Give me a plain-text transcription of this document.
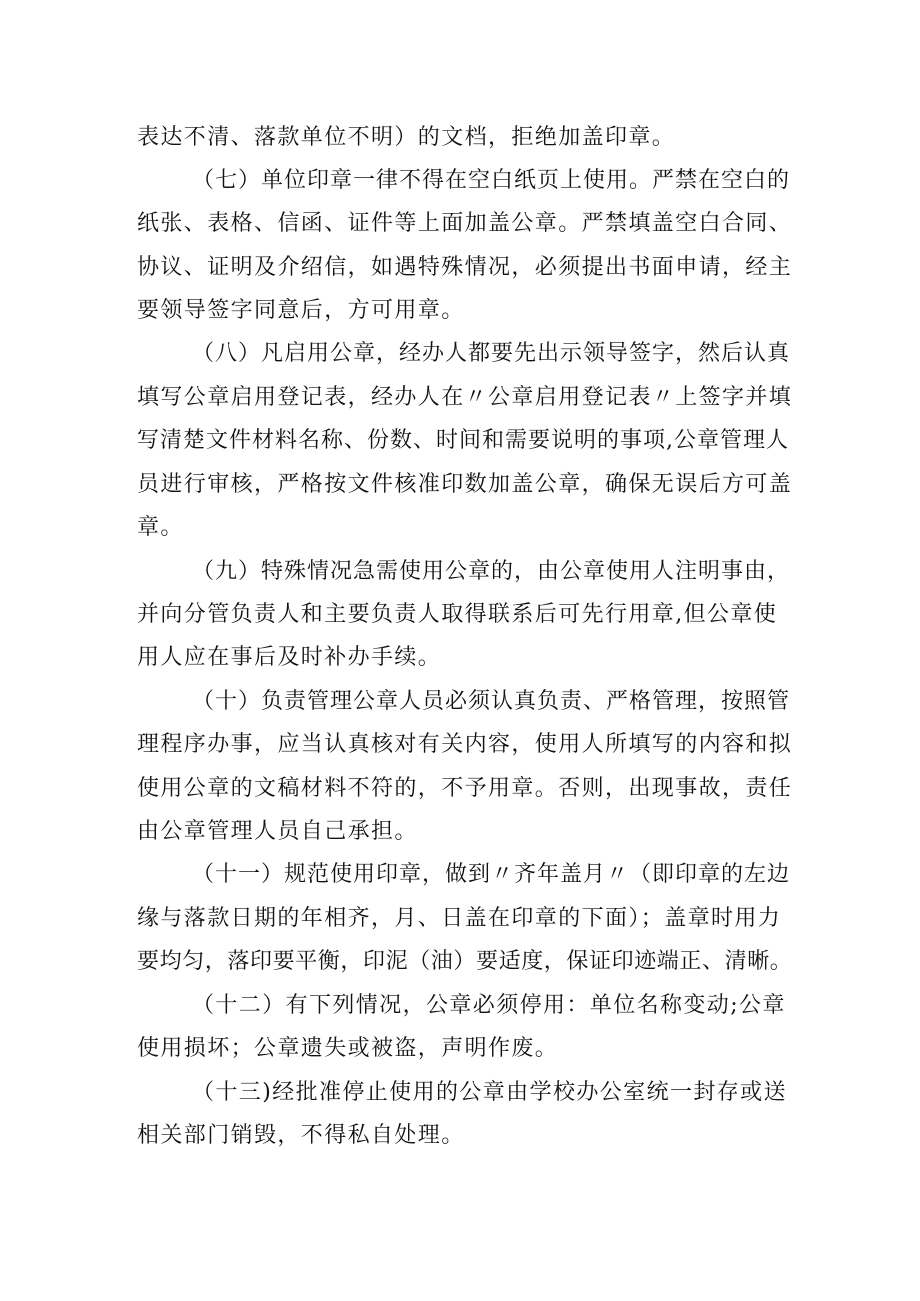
表达不清、落款单位不明）的文档，拒绝加盖印章。
（七）单位印章一律不得在空白纸页上使用。严禁在空白的
纸张、表格、信函、证件等上面加盖公章。严禁填盖空白合同、
协议、证明及介绍信，如遇特殊情况，必须提出书面申请，经主
要领导签字同意后，方可用章。
（八）凡启用公章，经办人都要先出示领导签字，然后认真
填写公章启用登记表，经办人在〃公章启用登记表〃上签字并填
写清楚文件材料名称、份数、时间和需要说明的事项,公章管理人
员进行审核，严格按文件核准印数加盖公章，确保无误后方可盖
章。
（九）特殊情况急需使用公章的，由公章使用人注明事由，
并向分管负责人和主要负责人取得联系后可先行用章,但公章使
用人应在事后及时补办手续。
（十）负责管理公章人员必须认真负责、严格管理，按照管
理程序办事，应当认真核对有关内容，使用人所填写的内容和拟
使用公章的文稿材料不符的，不予用章。否则，出现事故，责任
由公章管理人员自己承担。
（十一）规范使用印章，做到〃齐年盖月〃（即印章的左边
缘与落款日期的年相齐，月、日盖在印章的下面）；盖章时用力
要均匀，落印要平衡，印泥（油）要适度，保证印迹端正、清晰。
（十二）有下列情况，公章必须停用：单位名称变动;公章
使用损坏；公章遗失或被盗，声明作废。
（十三)经批准停止使用的公章由学校办公室统一封存或送
相关部门销毁，不得私自处理。
